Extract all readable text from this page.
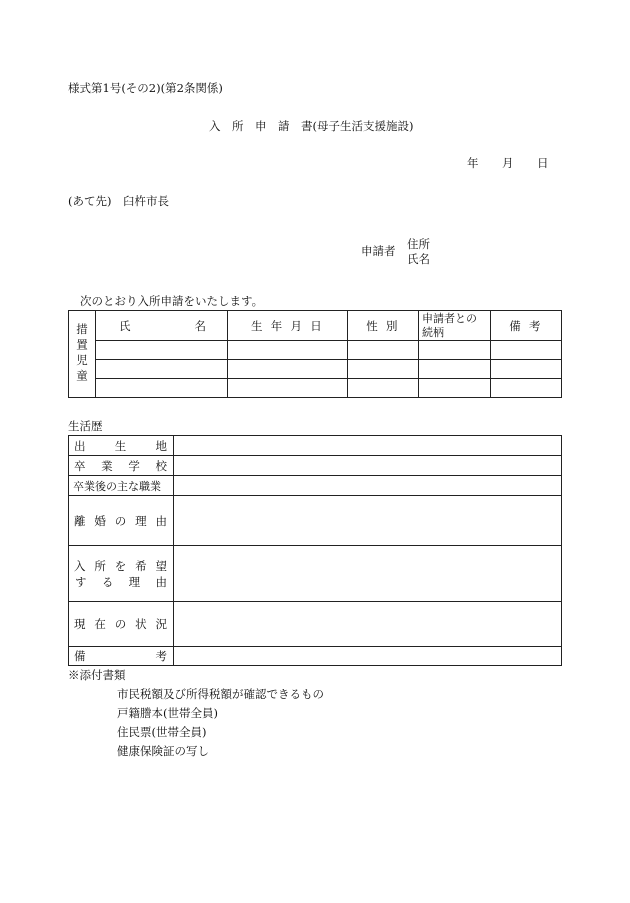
様式第1号(その2)(第2条関係)
入　所　申　請　書(母子生活支援施設)
年 月 日
(あて先)　臼杵市長
申請者 住所
氏名
次のとおり入所申請をいたします。
措置児童	氏 名	生 年 月 日	性 別	申請者との続柄	備 考

生活歴
出生地	
卒業学校	
卒業後の主な職業	
離婚の理由	

入所を希望
する理由	

現在の状況	
備考	
※添付書類
市民税額及び所得税額が確認できるもの
戸籍謄本(世帯全員)
住民票(世帯全員)
健康保険証の写し
